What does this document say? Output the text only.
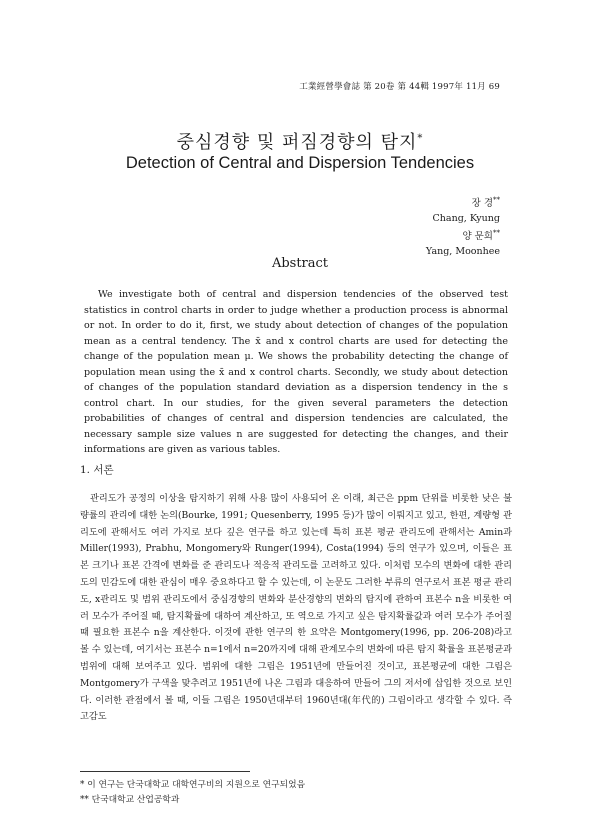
工業經營學會誌 第 20卷 第 44輯 1997年 11月 69
중심경향 및 퍼짐경향의 탐지*
Detection of Central and Dispersion Tendencies
장 경**
Chang, Kyung
양 문희**
Yang, Moonhee
Abstract

We investigate both of central and dispersion tendencies of the observed test statistics in control charts in order to judge whether a production process is abnormal or not. In order to do it, first, we study about detection of changes of the population mean as a central tendency. The x̄ and x control charts are used for detecting the change of the population mean μ. We shows the probability detecting the change of population mean using the x̄ and x control charts. Secondly, we study about detection of changes of the population standard deviation as a dispersion tendency in the s control chart. In our studies, for the given several parameters the detection probabilities of changes of central and dispersion tendencies are calculated, the necessary sample size values n are suggested for detecting the changes, and their informations are given as various tables.

1. 서론

관리도가 공정의 이상을 탐지하기 위해 사용 많이 사용되어 온 이래, 최근은 ppm 단위를 비롯한 낮은 불량률의 관리에 대한 논의(Bourke, 1991; Quesenberry, 1995 등)가 많이 이뤄지고 있고, 한편, 계량형 관리도에 관해서도 여러 가지로 보다 깊은 연구를 하고 있는데 특히 표본 평균 관리도에 관해서는 Amin과 Miller(1993), Prabhu, Mongomery와 Runger(1994), Costa(1994) 등의 연구가 있으며, 이들은 표본 크기나 표본 간격에 변화를 준 관리도나 적응적 관리도를 고려하고 있다. 이처럼 모수의 변화에 대한 관리도의 민감도에 대한 관심이 매우 중요하다고 할 수 있는데, 이 논문도 그러한 부류의 연구로서 표본 평균 관리도, x관리도 및 범위 관리도에서 중심경향의 변화와 분산경향의 변화의 탐지에 관하여 표본수 n을 비롯한 여러 모수가 주어질 때, 탐지확률에 대하여 계산하고, 또 역으로 가지고 싶은 탐지확률값과 여러 모수가 주어질 때 필요한 표본수 n을 계산한다. 이것에 관한 연구의 한 요약은 Montgomery(1996, pp. 206-208)라고 볼 수 있는데, 여기서는 표본수 n=1에서 n=20까지에 대해 관계모수의 변화에 따른 탐지 확률을 표본평균과 범위에 대해 보여주고 있다. 범위에 대한 그림은 1951년에 만들어진 것이고, 표본평균에 대한 그림은 Montgomery가 구색을 맞추려고 1951년에 나온 그림과 대응하여 만들어 그의 저서에 삽입한 것으로 보인다. 이러한 관점에서 볼 때, 이들 그림은 1950년대부터 1960년대(年代的) 그림이라고 생각할 수 있다. 즉 고감도

* 이 연구는 단국대학교 대학연구비의 지원으로 연구되었음
** 단국대학교 산업공학과
